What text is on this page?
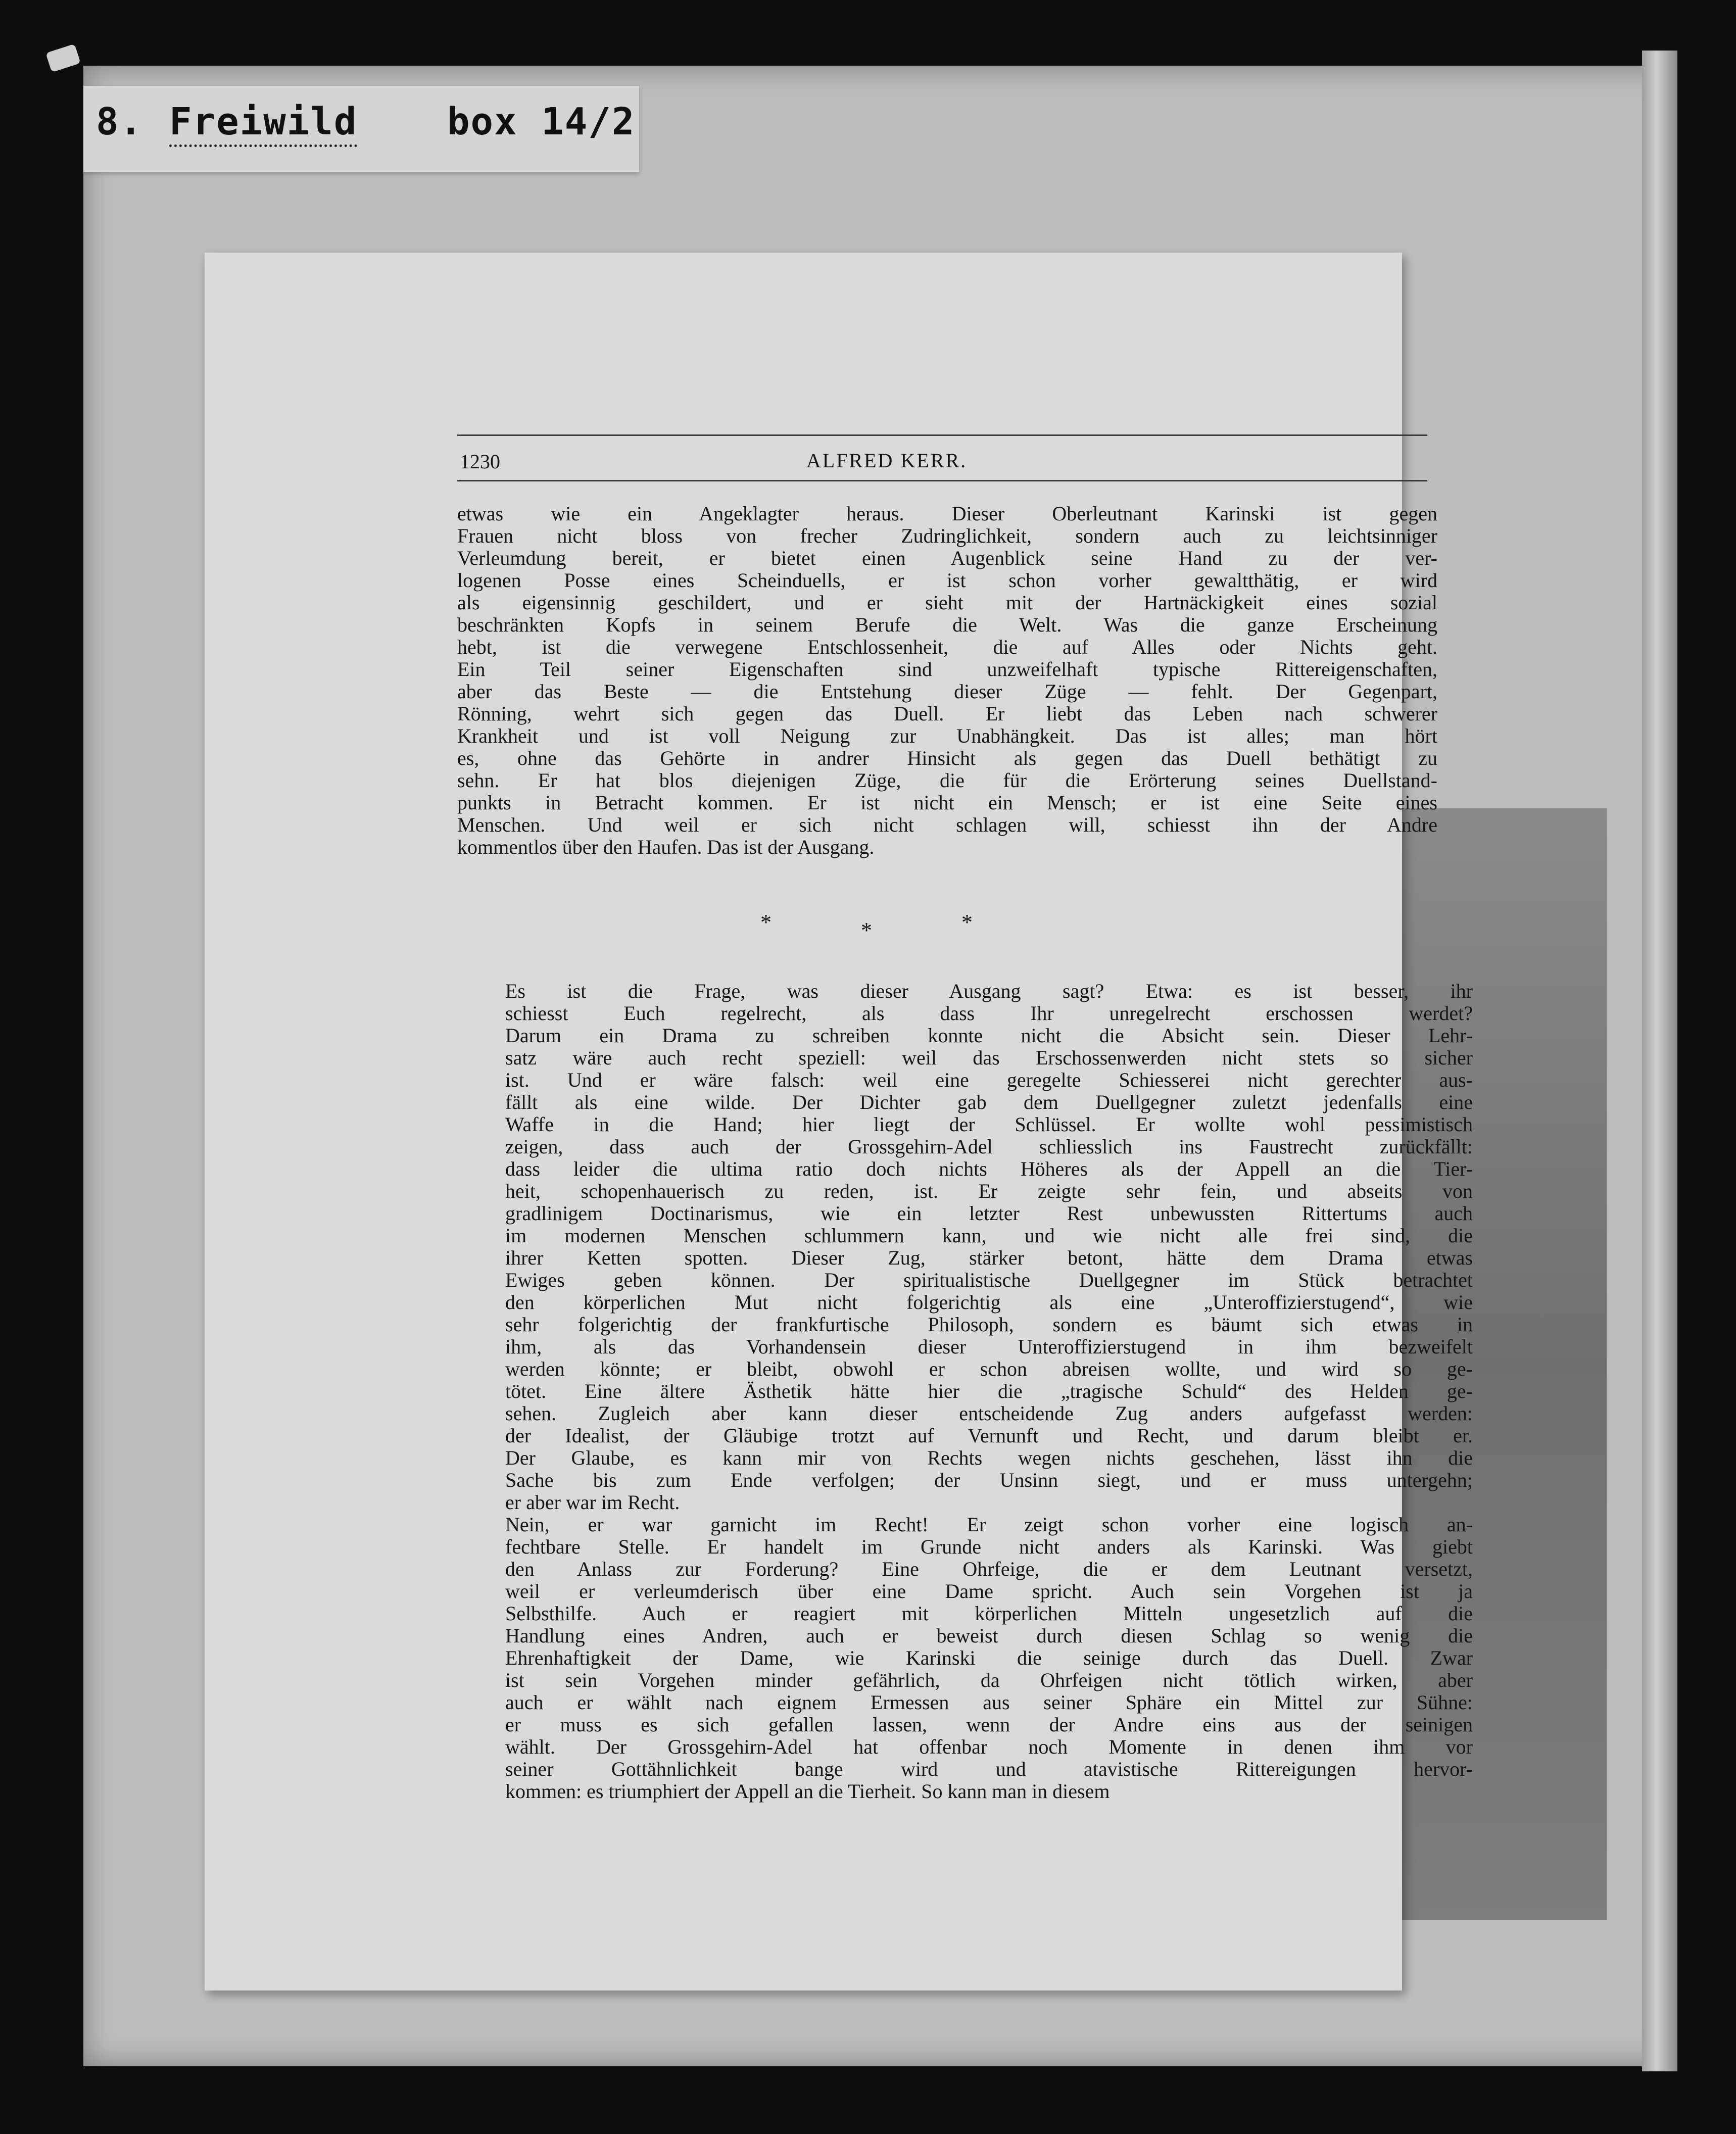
8. Freiwild box 14/2
1230	ALFRED KERR.

etwas wie ein Angeklagter heraus. Dieser Oberleutnant Karinski ist gegen
Frauen nicht bloss von frecher Zudringlichkeit, sondern auch zu leichtsinniger
Verleumdung bereit, er bietet einen Augenblick seine Hand zu der ver-
logenen Posse eines Scheinduells, er ist schon vorher gewaltthätig, er wird
als eigensinnig geschildert, und er sieht mit der Hartnäckigkeit eines sozial
beschränkten Kopfs in seinem Berufe die Welt. Was die ganze Erscheinung
hebt, ist die verwegene Entschlossenheit, die auf Alles oder Nichts geht.
Ein Teil seiner Eigenschaften sind unzweifelhaft typische Rittereigenschaften,
aber das Beste — die Entstehung dieser Züge — fehlt. Der Gegenpart,
Rönning, wehrt sich gegen das Duell. Er liebt das Leben nach schwerer
Krankheit und ist voll Neigung zur Unabhängkeit. Das ist alles; man hört
es, ohne das Gehörte in andrer Hinsicht als gegen das Duell bethätigt zu
sehn. Er hat blos diejenigen Züge, die für die Erörterung seines Duellstand-
punkts in Betracht kommen. Er ist nicht ein Mensch; er ist eine Seite eines
Menschen. Und weil er sich nicht schlagen will, schiesst ihn der Andre
kommentlos über den Haufen. Das ist der Ausgang.

*	*	*

Es ist die Frage, was dieser Ausgang sagt? Etwa: es ist besser, ihr
schiesst Euch regelrecht, als dass Ihr unregelrecht erschossen werdet?
Darum ein Drama zu schreiben konnte nicht die Absicht sein. Dieser Lehr-
satz wäre auch recht speziell: weil das Erschossenwerden nicht stets so sicher
ist. Und er wäre falsch: weil eine geregelte Schiesserei nicht gerechter aus-
fällt als eine wilde. Der Dichter gab dem Duellgegner zuletzt jedenfalls eine
Waffe in die Hand; hier liegt der Schlüssel. Er wollte wohl pessimistisch
zeigen, dass auch der Grossgehirn-Adel schliesslich ins Faustrecht zurückfällt:
dass leider die ultima ratio doch nichts Höheres als der Appell an die Tier-
heit, schopenhauerisch zu reden, ist. Er zeigte sehr fein, und abseits von
gradlinigem Doctinarismus, wie ein letzter Rest unbewussten Rittertums auch
im modernen Menschen schlummern kann, und wie nicht alle frei sind, die
ihrer Ketten spotten. Dieser Zug, stärker betont, hätte dem Drama etwas
Ewiges geben können. Der spiritualistische Duellgegner im Stück betrachtet
den körperlichen Mut nicht folgerichtig als eine „Unteroffizierstugend“, wie
sehr folgerichtig der frankfurtische Philosoph, sondern es bäumt sich etwas in
ihm, als das Vorhandensein dieser Unteroffizierstugend in ihm bezweifelt
werden könnte; er bleibt, obwohl er schon abreisen wollte, und wird so ge-
tötet. Eine ältere Ästhetik hätte hier die „tragische Schuld“ des Helden ge-
sehen. Zugleich aber kann dieser entscheidende Zug anders aufgefasst werden:
der Idealist, der Gläubige trotzt auf Vernunft und Recht, und darum bleibt er.
Der Glaube, es kann mir von Rechts wegen nichts geschehen, lässt ihn die
Sache bis zum Ende verfolgen; der Unsinn siegt, und er muss untergehn;
er aber war im Recht.

Nein, er war garnicht im Recht! Er zeigt schon vorher eine logisch an-
fechtbare Stelle. Er handelt im Grunde nicht anders als Karinski. Was giebt
den Anlass zur Forderung? Eine Ohrfeige, die er dem Leutnant versetzt,
weil er verleumderisch über eine Dame spricht. Auch sein Vorgehen ist ja
Selbsthilfe. Auch er reagiert mit körperlichen Mitteln ungesetzlich auf die
Handlung eines Andren, auch er beweist durch diesen Schlag so wenig die
Ehrenhaftigkeit der Dame, wie Karinski die seinige durch das Duell. Zwar
ist sein Vorgehen minder gefährlich, da Ohrfeigen nicht tötlich wirken, aber
auch er wählt nach eignem Ermessen aus seiner Sphäre ein Mittel zur Sühne:
er muss es sich gefallen lassen, wenn der Andre eins aus der seinigen
wählt. Der Grossgehirn-Adel hat offenbar noch Momente in denen ihm vor
seiner Gottähnlichkeit bange wird und atavistische Rittereigungen hervor-
kommen: es triumphiert der Appell an die Tierheit. So kann man in diesem
